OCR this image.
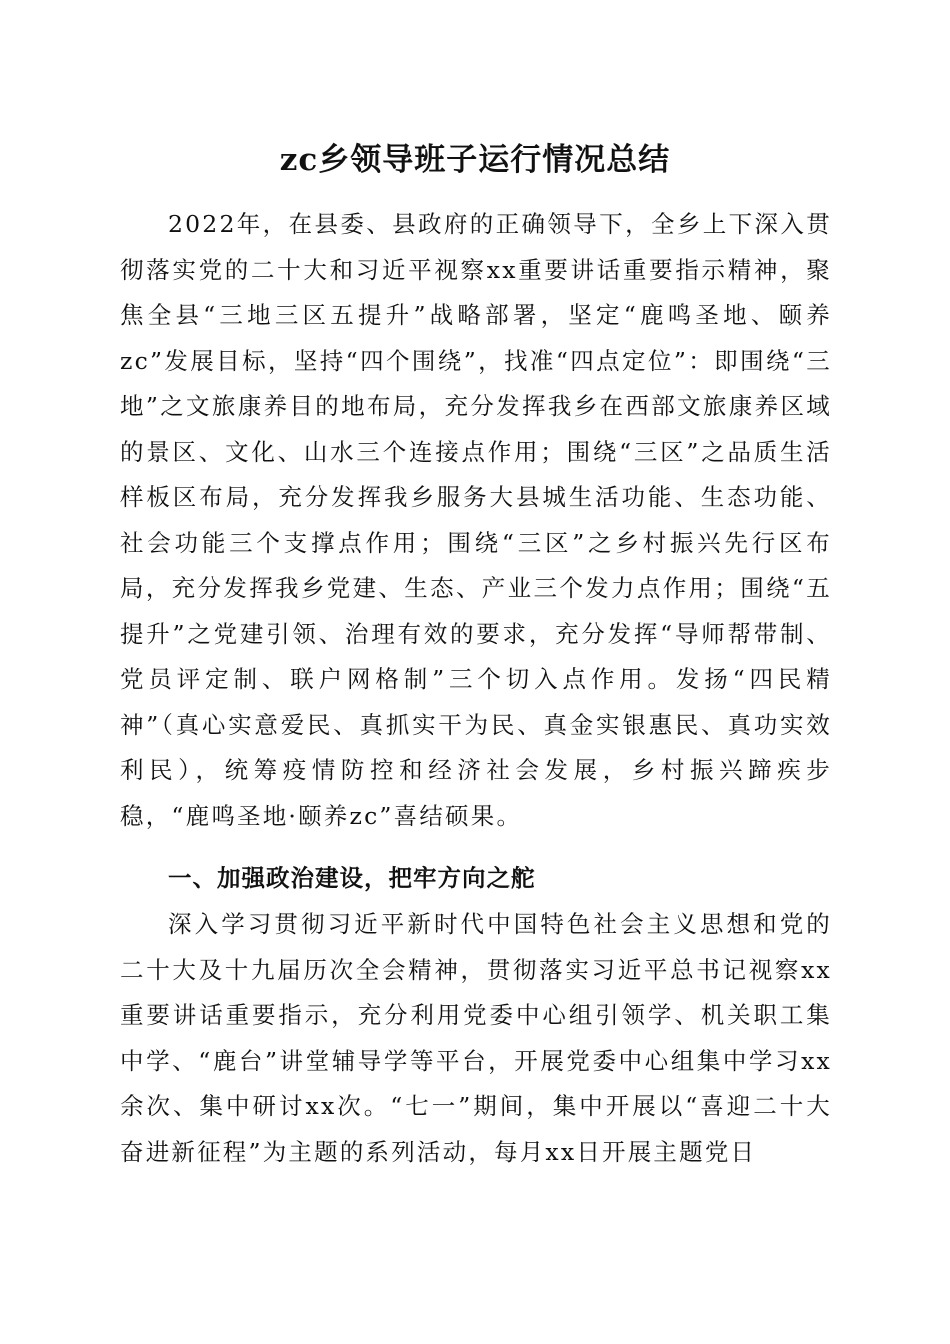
zc乡领导班子运行情况总结

2022年，在县委、县政府的正确领导下，全乡上下深入贯彻落实党的二十大和习近平视察xx重要讲话重要指示精神，聚焦全县“三地三区五提升”战略部署，坚定“鹿鸣圣地、颐养zc”发展目标，坚持“四个围绕”，找准“四点定位”：即围绕“三地”之文旅康养目的地布局，充分发挥我乡在西部文旅康养区域的景区、文化、山水三个连接点作用；围绕“三区”之品质生活样板区布局，充分发挥我乡服务大县城生活功能、生态功能、社会功能三个支撑点作用；围绕“三区”之乡村振兴先行区布局，充分发挥我乡党建、生态、产业三个发力点作用；围绕“五提升”之党建引领、治理有效的要求，充分发挥“导师帮带制、党员评定制、联户网格制”三个切入点作用。发扬“四民精神”（真心实意爱民、真抓实干为民、真金实银惠民、真功实效利民），统筹疫情防控和经济社会发展，乡村振兴蹄疾步稳，“鹿鸣圣地·颐养zc”喜结硕果。

一、加强政治建设，把牢方向之舵

深入学习贯彻习近平新时代中国特色社会主义思想和党的二十大及十九届历次全会精神，贯彻落实习近平总书记视察xx重要讲话重要指示，充分利用党委中心组引领学、机关职工集中学、“鹿台”讲堂辅导学等平台，开展党委中心组集中学习xx余次、集中研讨xx次。“七一”期间，集中开展以“喜迎二十大奋进新征程”为主题的系列活动，每月xx日开展主题党日
